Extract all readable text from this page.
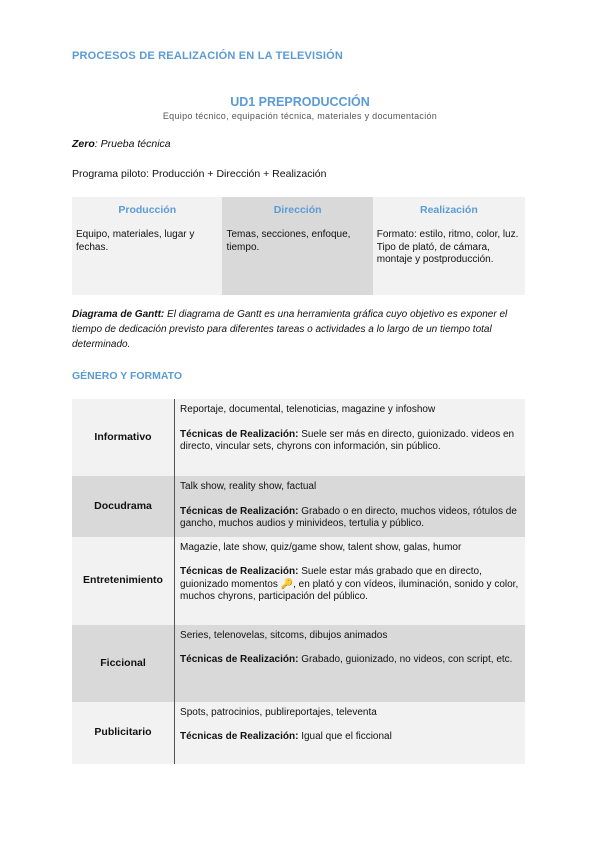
PROCESOS DE REALIZACIÓN EN LA TELEVISIÓN
UD1 PREPRODUCCIÓN
Equipo técnico, equipación técnica, materiales y documentación
Zero: Prueba técnica
Programa piloto: Producción + Dirección + Realización
Producción	Dirección	Realización
Equipo, materiales, lugar y fechas.	Temas, secciones, enfoque, tiempo.	Formato: estilo, ritmo, color, luz. Tipo de plató, de cámara, montaje y postproducción.
Diagrama de Gantt: El diagrama de Gantt es una herramienta gráfica cuyo objetivo es exponer el tiempo de dedicación previsto para diferentes tareas o actividades a lo largo de un tiempo total determinado.
GÉNERO Y FORMATO
Informativo	Reportaje, documental, telenoticias, magazine y infoshow

Técnicas de Realización: Suele ser más en directo, guionizado. videos en directo, vincular sets, chyrons con información, sin público.

Docudrama	Talk show, reality show, factual

Técnicas de Realización: Grabado o en directo, muchos videos, rótulos de gancho, muchos audios y minivideos, tertulia y público.

Entretenimiento	Magazie, late show, quiz/game show, talent show, galas, humor

Técnicas de Realización: Suele estar más grabado que en directo, guionizado momentos 🔑, en plató y con vídeos, iluminación, sonido y color, muchos chyrons, participación del público.

Ficcional	Series, telenovelas, sitcoms, dibujos animados

Técnicas de Realización: Grabado, guionizado, no videos, con script, etc.

Publicitario	Spots, patrocinios, publireportajes, televenta

Técnicas de Realización: Igual que el ficcional
